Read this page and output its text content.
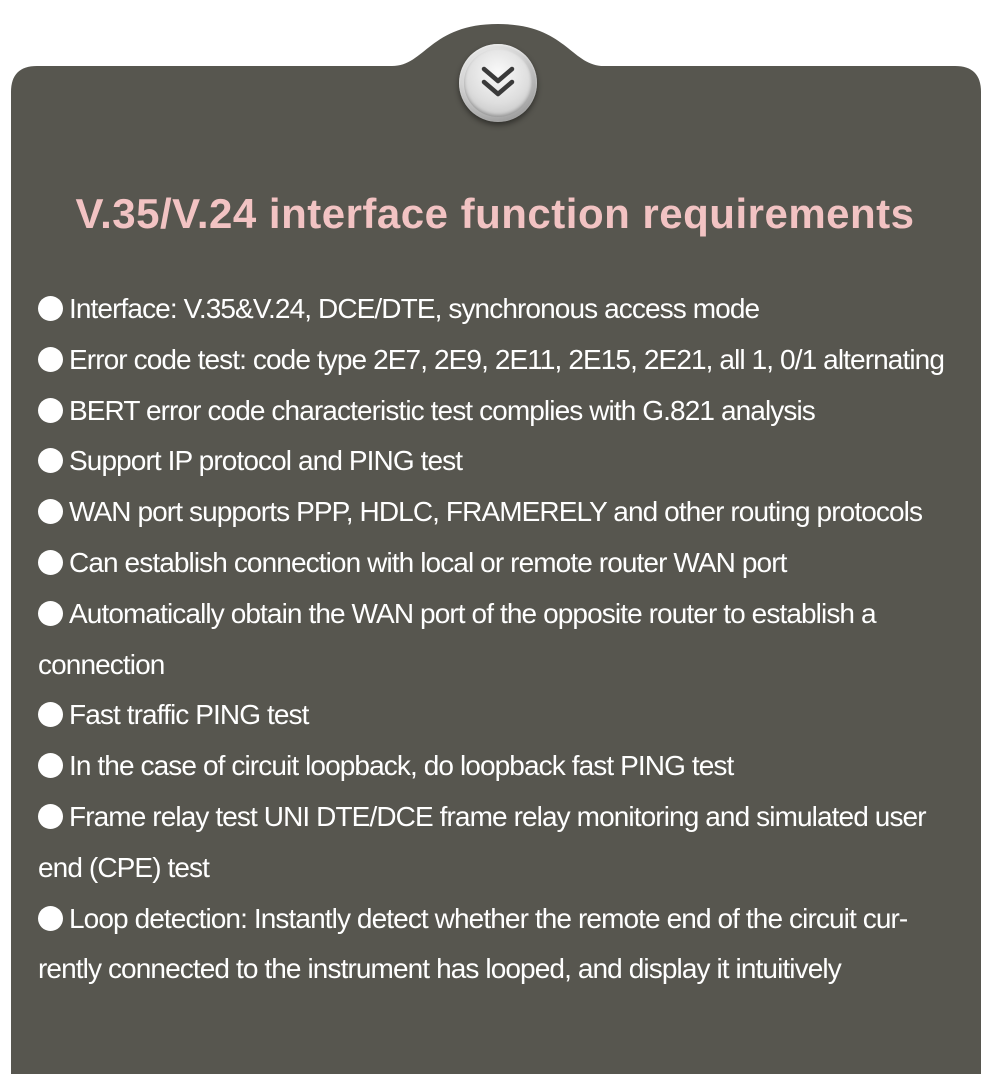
V.35/V.24 interface function requirements
Interface: V.35&V.24, DCE/DTE, synchronous access mode
Error code test: code type 2E7, 2E9, 2E11, 2E15, 2E21, all 1, 0/1 alternating
BERT error code characteristic test complies with G.821 analysis
Support IP protocol and PING test
WAN port supports PPP, HDLC, FRAMERELY and other routing protocols
Can establish connection with local or remote router WAN port
Automatically obtain the WAN port of the opposite router to establish a connection
Fast traffic PING test
In the case of circuit loopback, do loopback fast PING test
Frame relay test UNI DTE/DCE frame relay monitoring and simulated user end (CPE) test
Loop detection: Instantly detect whether the remote end of the circuit cur-rently connected to the instrument has looped, and display it intuitively
